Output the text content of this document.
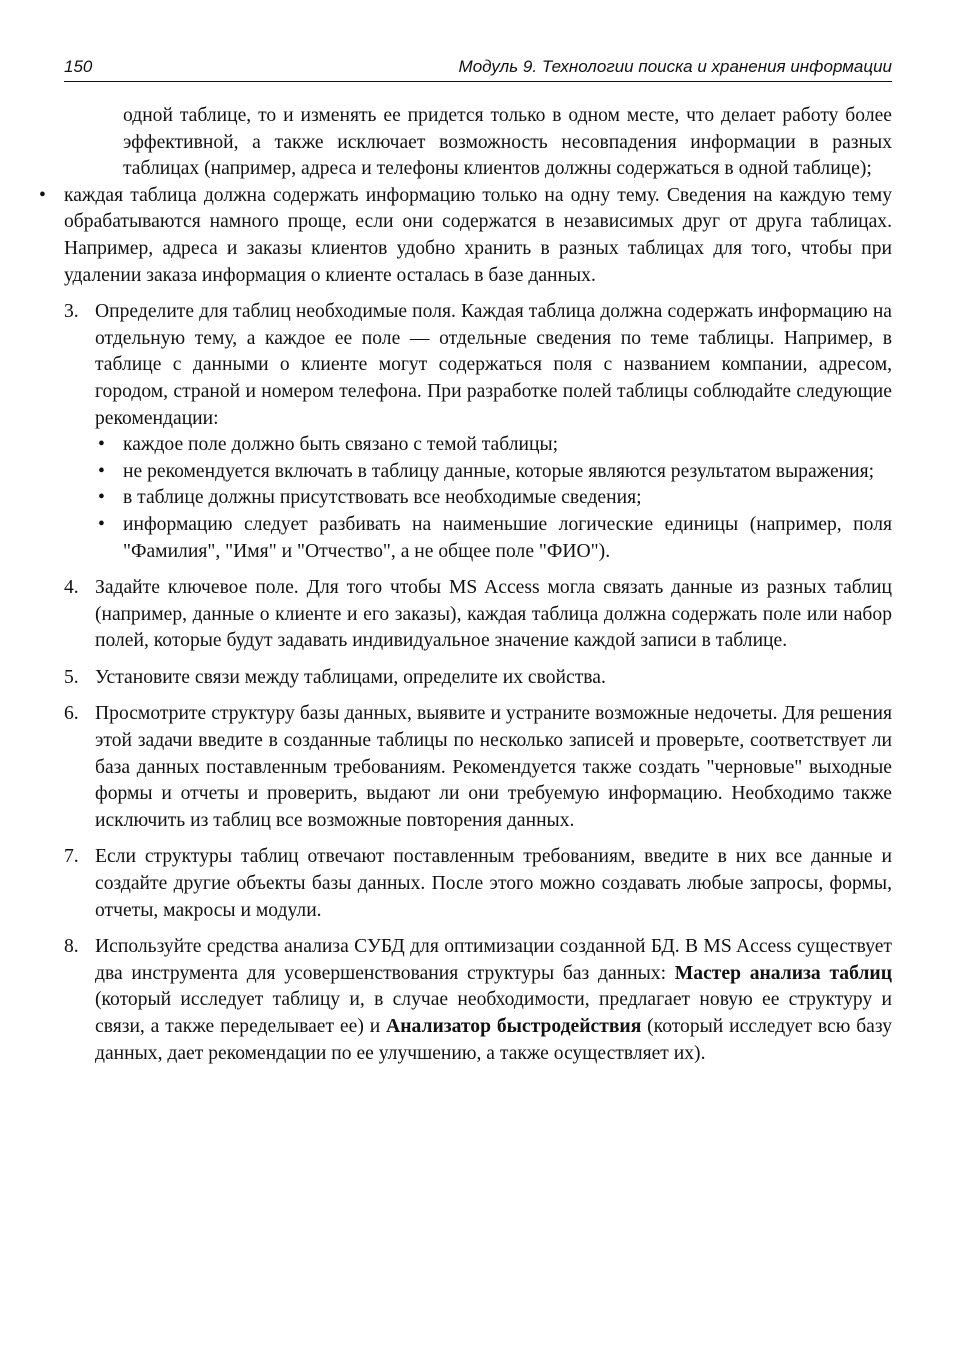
150	Модуль 9. Технологии поиска и хранения информации

одной таблице, то и изменять ее придется только в одном месте, что делает работу более эффективной, а также исключает возможность несовпадения информации в разных таблицах (например, адреса и телефоны клиентов должны содержаться в одной таблице);

• каждая таблица должна содержать информацию только на одну тему. Сведения на каждую тему обрабатываются намного проще, если они содержатся в независимых друг от друга таблицах. Например, адреса и заказы клиентов удобно хранить в разных таблицах для того, чтобы при удалении заказа информация о клиенте осталась в базе данных.

3. Определите для таблиц необходимые поля. Каждая таблица должна содержать информацию на отдельную тему, а каждое ее поле — отдельные сведения по теме таблицы. Например, в таблице с данными о клиенте могут содержаться поля с названием компании, адресом, городом, страной и номером телефона. При разработке полей таблицы соблюдайте следующие рекомендации:

• каждое поле должно быть связано с темой таблицы;

• не рекомендуется включать в таблицу данные, которые являются результатом выражения;

• в таблице должны присутствовать все необходимые сведения;

• информацию следует разбивать на наименьшие логические единицы (например, поля "Фамилия", "Имя" и "Отчество", а не общее поле "ФИО").

4. Задайте ключевое поле. Для того чтобы MS Access могла связать данные из разных таблиц (например, данные о клиенте и его заказы), каждая таблица должна содержать поле или набор полей, которые будут задавать индивидуальное значение каждой записи в таблице.

5. Установите связи между таблицами, определите их свойства.

6. Просмотрите структуру базы данных, выявите и устраните возможные недочеты. Для решения этой задачи введите в созданные таблицы по несколько записей и проверьте, соответствует ли база данных поставленным требованиям. Рекомендуется также создать "черновые" выходные формы и отчеты и проверить, выдают ли они требуемую информацию. Необходимо также исключить из таблиц все возможные повторения данных.

7. Если структуры таблиц отвечают поставленным требованиям, введите в них все данные и создайте другие объекты базы данных. После этого можно создавать любые запросы, формы, отчеты, макросы и модули.

8. Используйте средства анализа СУБД для оптимизации созданной БД. В MS Access существует два инструмента для усовершенствования структуры баз данных: Мастер анализа таблиц (который исследует таблицу и, в случае необходимости, предлагает новую ее структуру и связи, а также переделывает ее) и Анализатор быстродействия (который исследует всю базу данных, дает рекомендации по ее улучшению, а также осуществляет их).
